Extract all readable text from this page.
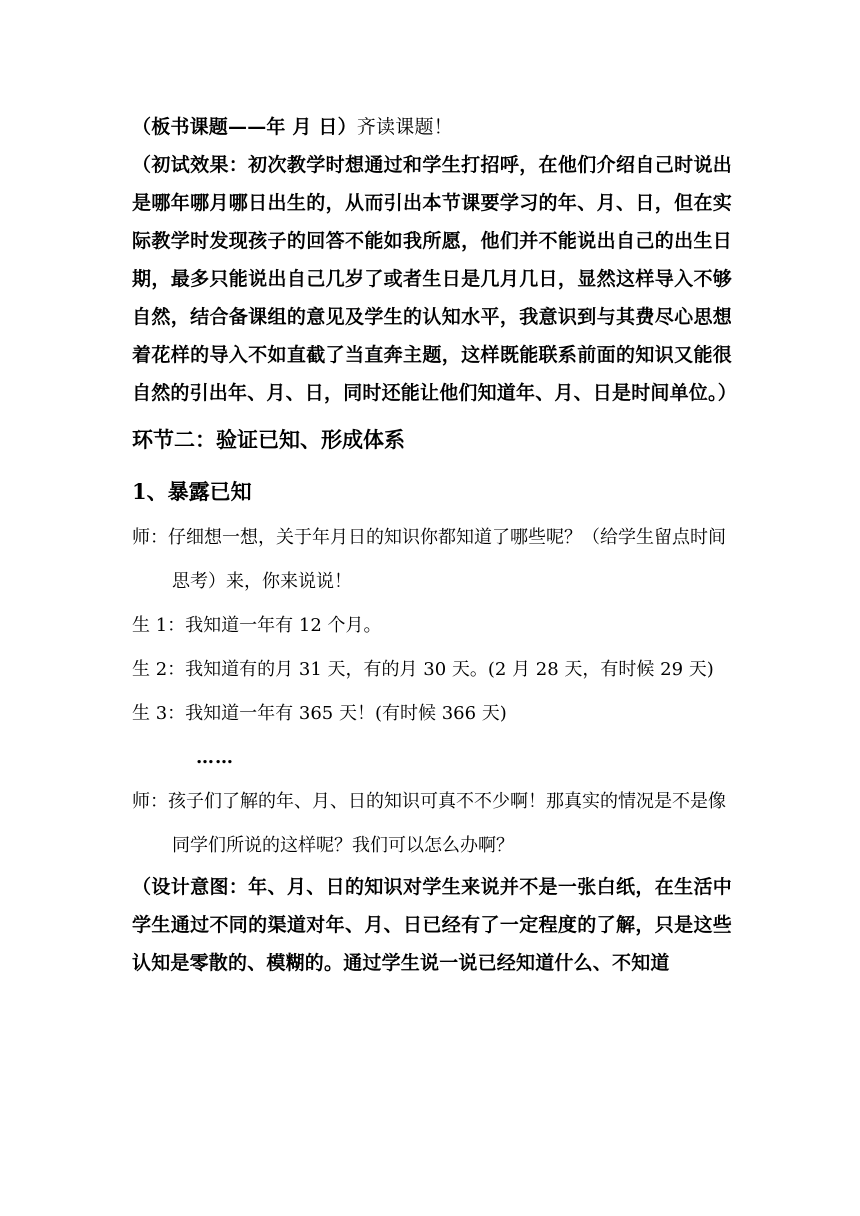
（板书课题——年 月 日）齐读课题！

（初试效果：初次教学时想通过和学生打招呼，在他们介绍自己时说出是哪年哪月哪日出生的，从而引出本节课要学习的年、月、日，但在实际教学时发现孩子的回答不能如我所愿，他们并不能说出自己的出生日期，最多只能说出自己几岁了或者生日是几月几日，显然这样导入不够自然，结合备课组的意见及学生的认知水平，我意识到与其费尽心思想着花样的导入不如直截了当直奔主题，这样既能联系前面的知识又能很自然的引出年、月、日，同时还能让他们知道年、月、日是时间单位。）

环节二：验证已知、形成体系

1、暴露已知

师：仔细想一想，关于年月日的知识你都知道了哪些呢？（给学生留点时间思考）来，你来说说！

生 1：我知道一年有 12 个月。

生 2：我知道有的月 31 天，有的月 30 天。(2 月 28 天，有时候 29 天)

生 3：我知道一年有 365 天！(有时候 366 天)

……

师：孩子们了解的年、月、日的知识可真不不少啊！那真实的情况是不是像同学们所说的这样呢？我们可以怎么办啊？

（设计意图：年、月、日的知识对学生来说并不是一张白纸，在生活中学生通过不同的渠道对年、月、日已经有了一定程度的了解，只是这些认知是零散的、模糊的。通过学生说一说已经知道什么、不知道
